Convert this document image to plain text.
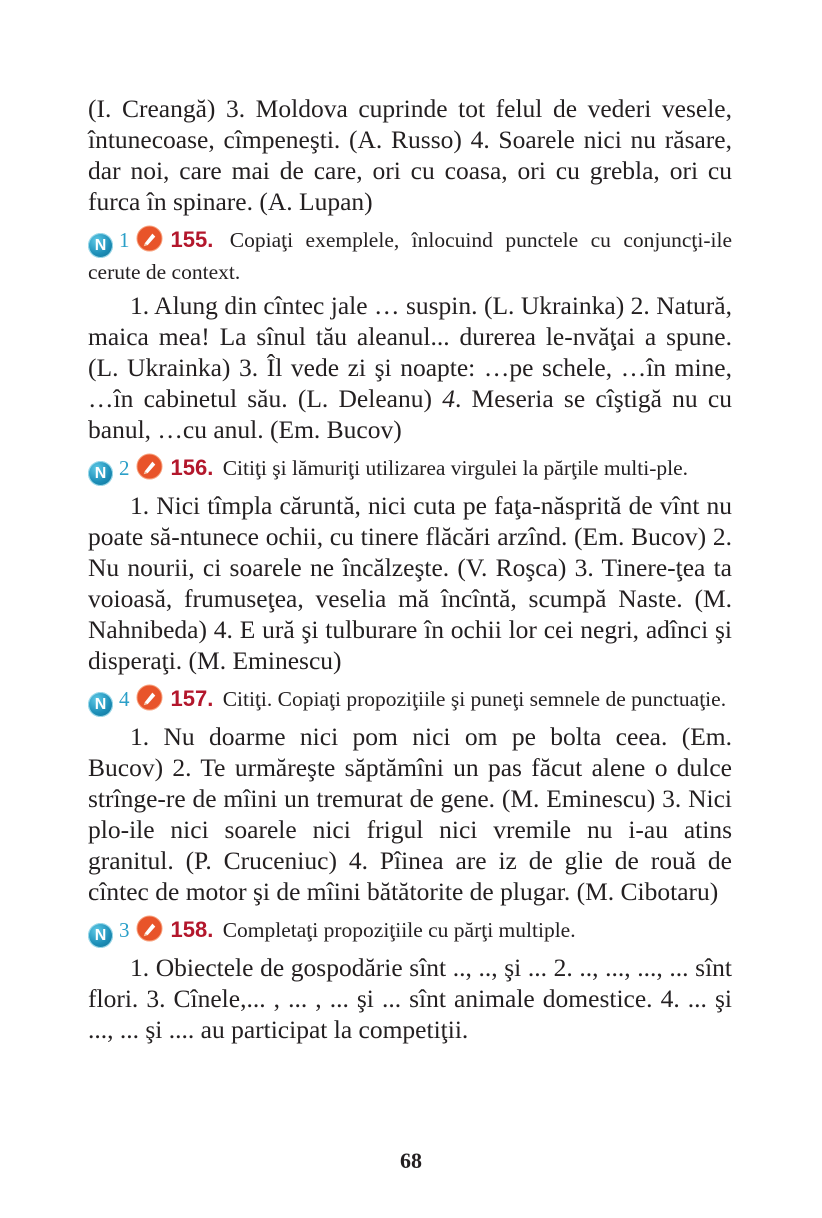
(I. Creangă) 3. Moldova cuprinde tot felul de vederi vesele, întunecoase, cîmpeneşti. (A. Russo) 4. Soarele nici nu răsare, dar noi, care mai de care, ori cu coasa, ori cu grebla, ori cu furca în spinare. (A. Lupan)

N 1 155. Copiaţi exemplele, înlocuind punctele cu conjuncţi-ile cerute de context.

1. Alung din cîntec jale … suspin. (L. Ukrainka) 2. Natură, maica mea! La sînul tău aleanul... durerea le-nvăţai a spune. (L. Ukrainka) 3. Îl vede zi şi noapte: …pe schele, …în mine, …în cabinetul său. (L. Deleanu) 4. Meseria se cîştigă nu cu banul, …cu anul. (Em. Bucov)

N 2 156. Citiţi şi lămuriţi utilizarea virgulei la părţile multi-ple.

1. Nici tîmpla căruntă, nici cuta pe faţa-năsprită de vînt nu poate să-ntunece ochii, cu tinere flăcări arzînd. (Em. Bucov) 2. Nu nourii, ci soarele ne încălzeşte. (V. Roşca) 3. Tinere-ţea ta voioasă, frumuseţea, veselia mă încîntă, scumpă Naste. (M. Nahnibeda) 4. E ură şi tulburare în ochii lor cei negri, adînci şi disperaţi. (M. Eminescu)

N 4 157. Citiţi. Copiaţi propoziţiile şi puneţi semnele de punctuaţie.

1. Nu doarme nici pom nici om pe bolta ceea. (Em. Bucov) 2. Te urmăreşte săptămîni un pas făcut alene o dulce strînge-re de mîini un tremurat de gene. (M. Eminescu) 3. Nici plo-ile nici soarele nici frigul nici vremile nu i-au atins granitul. (P. Cruceniuc) 4. Pîinea are iz de glie de rouă de cîntec de motor şi de mîini bătătorite de plugar. (M. Cibotaru)

N 3 158. Completaţi propoziţiile cu părţi multiple.

1. Obiectele de gospodărie sînt .., .., şi ... 2. .., ..., ..., ... sînt flori. 3. Cînele,... , ... , ... şi ... sînt animale domestice. 4. ... şi ..., ... şi .... au participat la competiţii.

68
